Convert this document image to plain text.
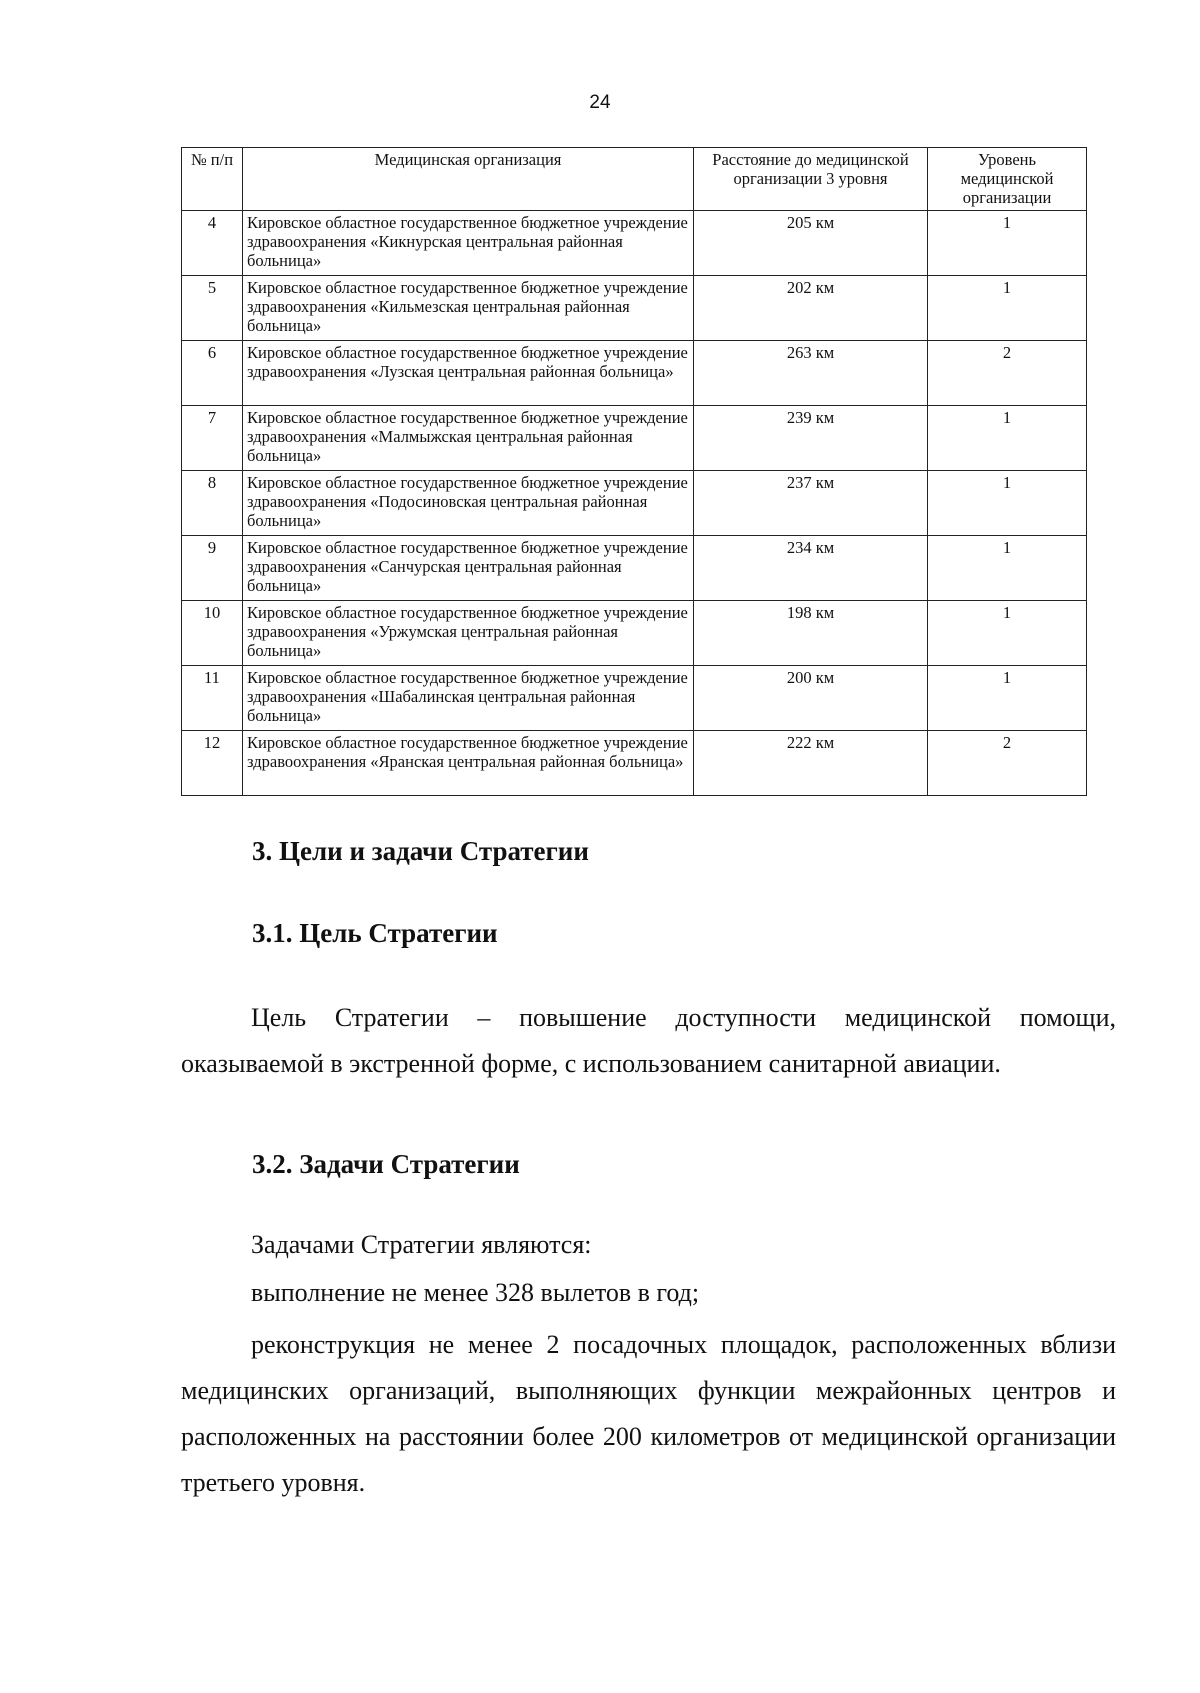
24
№ п/п	Медицинская организация	Расстояние до медицинской организации 3 уровня	Уровень медицинской организации
4	Кировское областное государственное бюджетное учреждение здравоохранения «Кикнурская центральная районная больница»	205 км	1
5	Кировское областное государственное бюджетное учреждение здравоохранения «Кильмезская центральная районная больница»	202 км	1
6	Кировское областное государственное бюджетное учреждение здравоохранения «Лузская центральная районная больница»	263 км	2
7	Кировское областное государственное бюджетное учреждение здравоохранения «Малмыжская центральная районная больница»	239 км	1
8	Кировское областное государственное бюджетное учреждение здравоохранения «Подосиновская центральная районная больница»	237 км	1
9	Кировское областное государственное бюджетное учреждение здравоохранения «Санчурская центральная районная больница»	234 км	1
10	Кировское областное государственное бюджетное учреждение здравоохранения «Уржумская центральная районная больница»	198 км	1
11	Кировское областное государственное бюджетное учреждение здравоохранения «Шабалинская центральная районная больница»	200 км	1
12	Кировское областное государственное бюджетное учреждение здравоохранения «Яранская центральная районная больница»	222 км	2
3. Цели и задачи Стратегии
3.1. Цель Стратегии
Цель Стратегии – повышение доступности медицинской помощи, оказываемой в экстренной форме, с использованием санитарной авиации.
3.2. Задачи Стратегии
Задачами Стратегии являются:
выполнение не менее 328 вылетов в год;
реконструкция не менее 2 посадочных площадок, расположенных вблизи медицинских организаций, выполняющих функции межрайонных центров и расположенных на расстоянии более 200 километров от медицинской организации третьего уровня.
